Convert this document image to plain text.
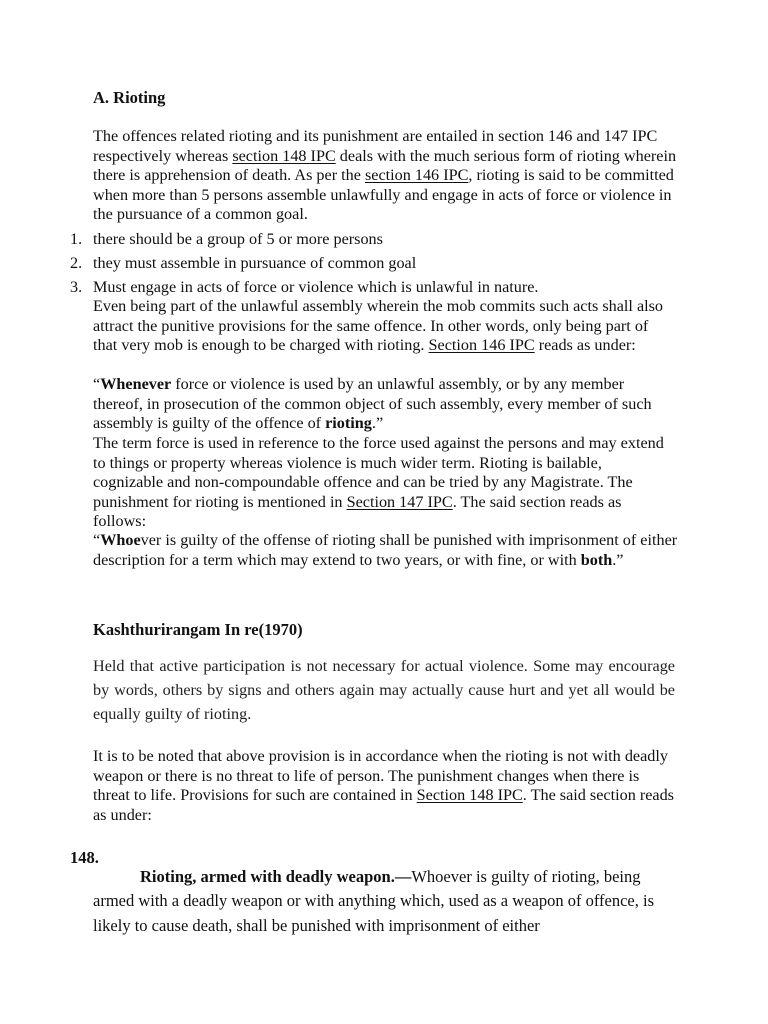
A. Rioting

The offences related rioting and its punishment are entailed in section 146 and 147 IPC respectively whereas section 148 IPC deals with the much serious form of rioting wherein there is apprehension of death. As per the section 146 IPC, rioting is said to be committed when more than 5 persons assemble unlawfully and engage in acts of force or violence in the pursuance of a common goal.

1. there should be a group of 5 or more persons
2. they must assemble in pursuance of common goal
3. Must engage in acts of force or violence which is unlawful in nature.

Even being part of the unlawful assembly wherein the mob commits such acts shall also attract the punitive provisions for the same offence. In other words, only being part of that very mob is enough to be charged with rioting. Section 146 IPC reads as under:

“Whenever force or violence is used by an unlawful assembly, or by any member thereof, in prosecution of the common object of such assembly, every member of such assembly is guilty of the offence of rioting.”

The term force is used in reference to the force used against the persons and may extend to things or property whereas violence is much wider term. Rioting is bailable, cognizable and non-compoundable offence and can be tried by any Magistrate. The punishment for rioting is mentioned in Section 147 IPC. The said section reads as follows:

“Whoever is guilty of the offense of rioting shall be punished with imprisonment of either description for a term which may extend to two years, or with fine, or with both.”

Kashthurirangam In re(1970)

Held that active participation is not necessary for actual violence. Some may encourage by words, others by signs and others again may actually cause hurt and yet all would be equally guilty of rioting.

It is to be noted that above provision is in accordance when the rioting is not with deadly weapon or there is no threat to life of person. The punishment changes when there is threat to life. Provisions for such are contained in Section 148 IPC. The said section reads as under:

148.

Rioting, armed with deadly weapon.—Whoever is guilty of rioting, being armed with a deadly weapon or with anything which, used as a weapon of offence, is likely to cause death, shall be punished with imprisonment of either
